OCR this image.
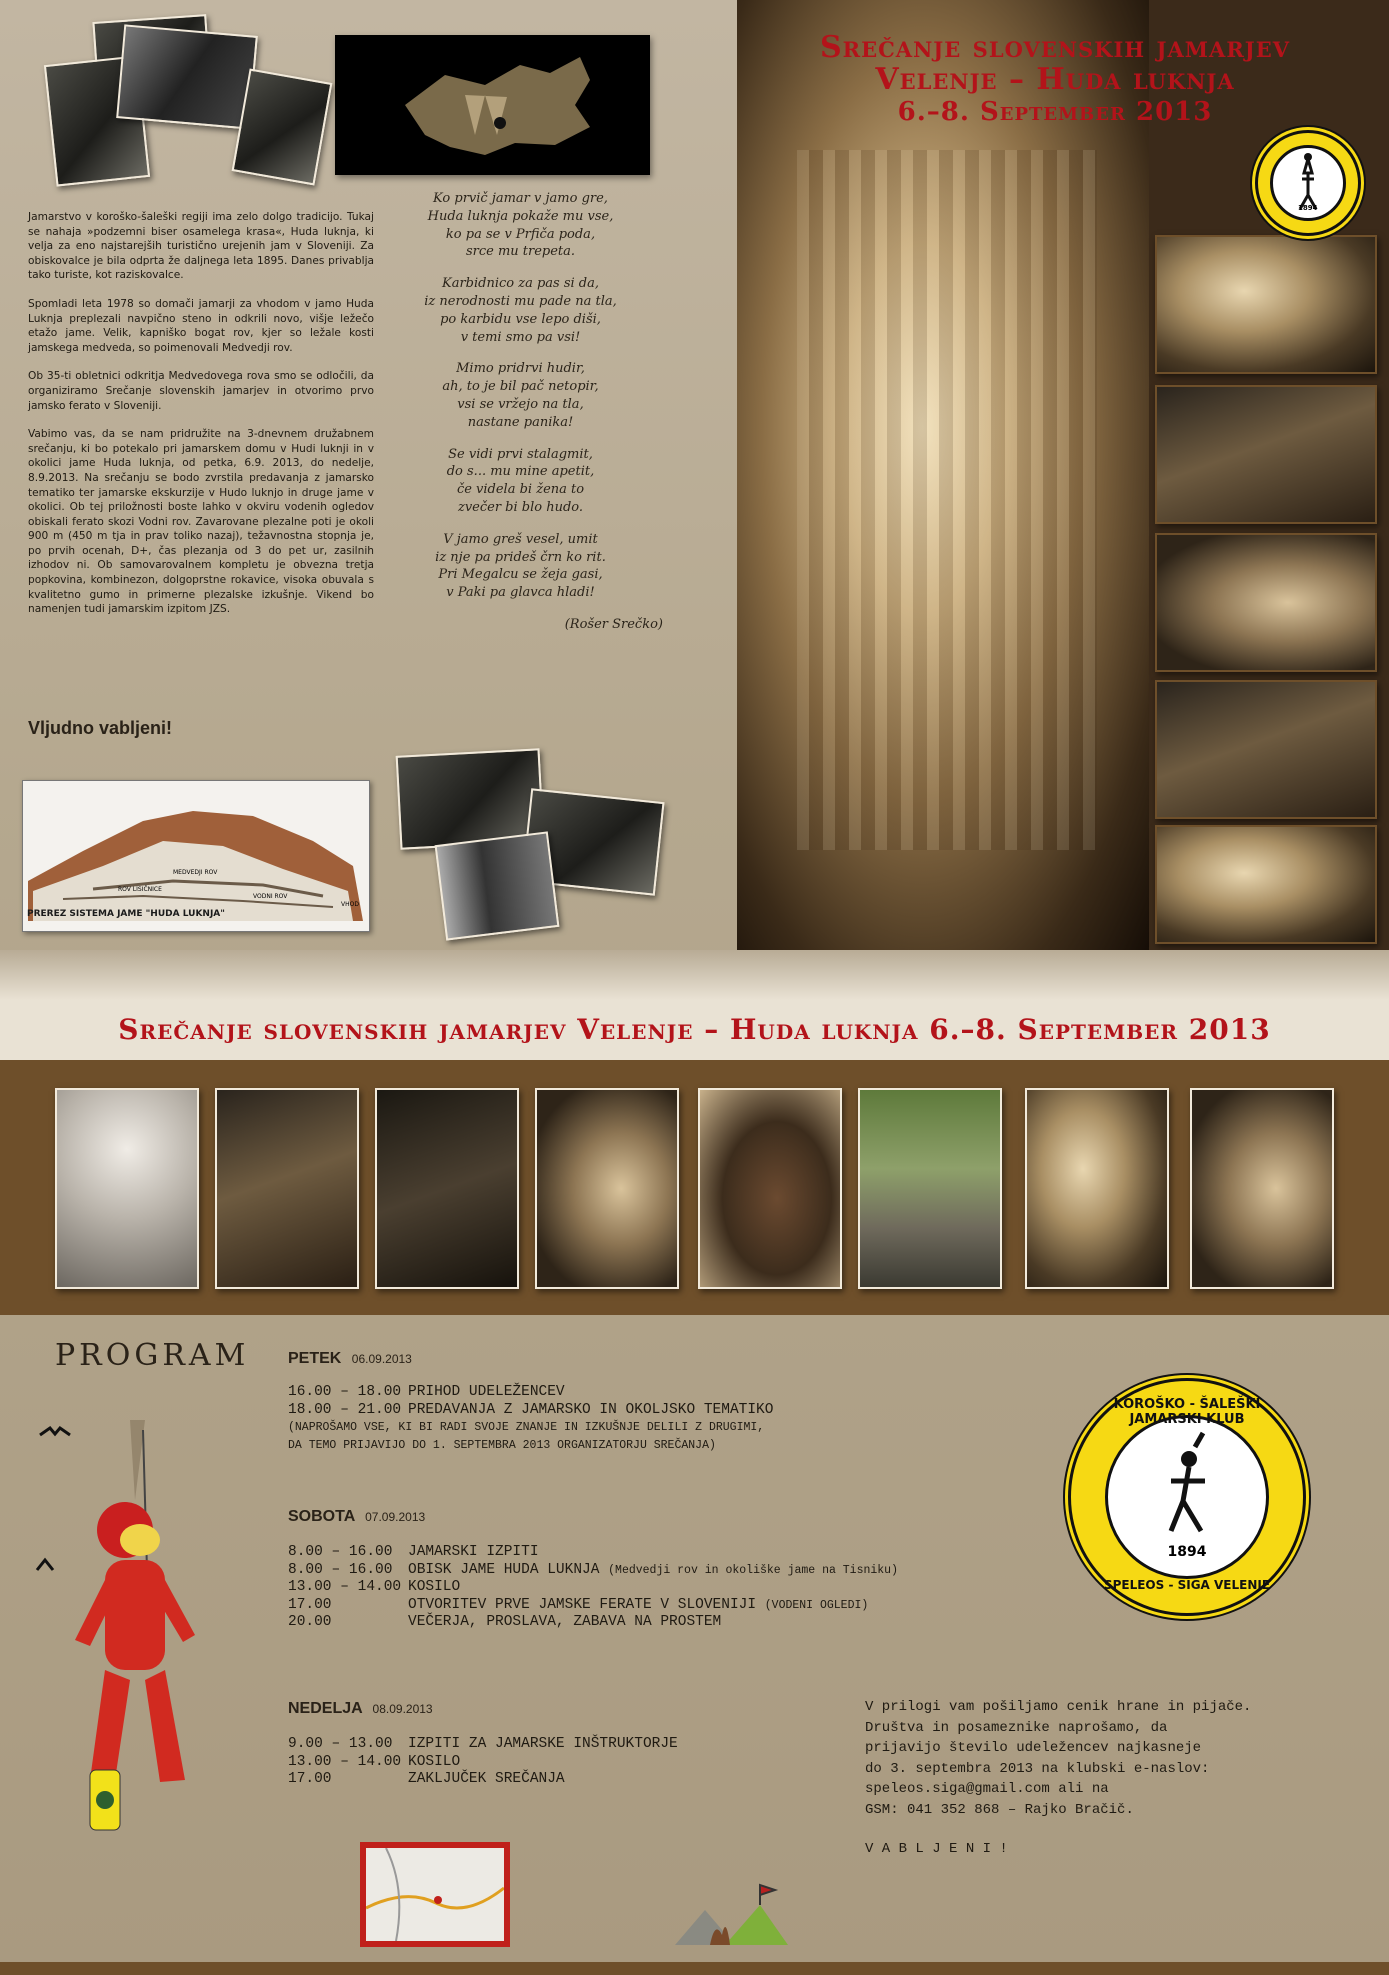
Jamarstvo v koroško-šaleški regiji ima zelo dolgo tradicijo. Tukaj se nahaja »podzemni biser osamelega krasa«, Huda luknja, ki velja za eno najstarejših turistično urejenih jam v Sloveniji. Za obiskovalce je bila odprta že daljnega leta 1895. Danes privablja tako turiste, kot raziskovalce.

Spomladi leta 1978 so domači jamarji za vhodom v jamo Huda Luknja preplezali navpično steno in odkrili novo, višje ležečo etažo jame. Velik, kapniško bogat rov, kjer so ležale kosti jamskega medveda, so poimenovali Medvedji rov.

Ob 35-ti obletnici odkritja Medvedovega rova smo se odločili, da organiziramo Srečanje slovenskih jamarjev in otvorimo prvo jamsko ferato v Sloveniji.

Vabimo vas, da se nam pridružite na 3-dnevnem družabnem srečanju, ki bo potekalo pri jamarskem domu v Hudi luknji in v okolici jame Huda luknja, od petka, 6.9. 2013, do nedelje, 8.9.2013. Na srečanju se bodo zvrstila predavanja z jamarsko tematiko ter jamarske ekskurzije v Hudo luknjo in druge jame v okolici. Ob tej priložnosti boste lahko v okviru vodenih ogledov obiskali ferato skozi Vodni rov. Zavarovane plezalne poti je okoli 900 m (450 m tja in prav toliko nazaj), težavnostna stopnja je, po prvih ocenah, D+, čas plezanja od 3 do pet ur, zasilnih izhodov ni. Ob samovarovalnem kompletu je obvezna tretja popkovina, kombinezon, dolgoprstne rokavice, visoka obuvala s kvalitetno gumo in primerne plezalske izkušnje. Vikend bo namenjen tudi jamarskim izpitom JZS.

Vljudno vabljeni!

Ko prvič jamar v jamo gre,
Huda luknja pokaže mu vse,
ko pa se v Prfiča poda,
srce mu trepeta.

Karbidnico za pas si da,
iz nerodnosti mu pade na tla,
po karbidu vse lepo diši,
v temi smo pa vsi!

Mimo pridrvi hudir,
ah, to je bil pač netopir,
vsi se vržejo na tla,
nastane panika!

Se vidi prvi stalagmit,
do s... mu mine apetit,
če videla bi žena to
zvečer bi blo hudo.

V jamo greš vesel, umit
iz nje pa prideš črn ko rit.
Pri Megalcu se žeja gasi,
v Paki pa glavca hladi!

(Rošer Srečko)

MEDVEDJI ROV
ROV LISIČNICE
VODNI ROV
VHOD
PREREZ SISTEMA JAME "HUDA LUKNJA"
Srečanje slovenskih jamarjev
Velenje – Huda luknja
6.–8. September 2013
1894
Srečanje slovenskih jamarjev Velenje – Huda luknja 6.–8. September 2013
PROGRAM PETEK 06.09.2013
16.00 – 18.00 PRIHOD UDELEŽENCEV
18.00 – 21.00 PREDAVANJA Z JAMARSKO IN OKOLJSKO TEMATIKO
(NAPROŠAMO VSE, KI BI RADI SVOJE ZNANJE IN IZKUŠNJE DELILI Z DRUGIMI,
DA TEMO PRIJAVIJO DO 1. SEPTEMBRA 2013 ORGANIZATORJU SREČANJA)
SOBOTA 07.09.2013
8.00 – 16.00 JAMARSKI IZPITI
8.00 – 16.00 OBISK JAME HUDA LUKNJA (Medvedji rov in okoliške jame na Tisniku)
13.00 – 14.00 KOSILO
17.00	OTVORITEV PRVE JAMSKE FERATE V SLOVENIJI (VODENI OGLEDI)
20.00	VEČERJA, PROSLAVA, ZABAVA NA PROSTEM
NEDELJA 08.09.2013
9.00 – 13.00 IZPITI ZA JAMARSKE INŠTRUKTORJE
13.00 – 14.00 KOSILO
17.00	ZAKLJUČEK SREČANJA
KOROŠKO - ŠALEŠKI JAMARSKI KLUB
1894
SPELEOS - SIGA VELENJE
V prilogi vam pošiljamo cenik hrane in pijače.
Društva in posameznike naprošamo, da
prijavijo število udeležencev najkasneje
do 3. septembra 2013 na klubski e-naslov:
speleos.siga@gmail.com ali na
GSM: 041 352 868 – Rajko Bračič.
V A B L J E N I !
